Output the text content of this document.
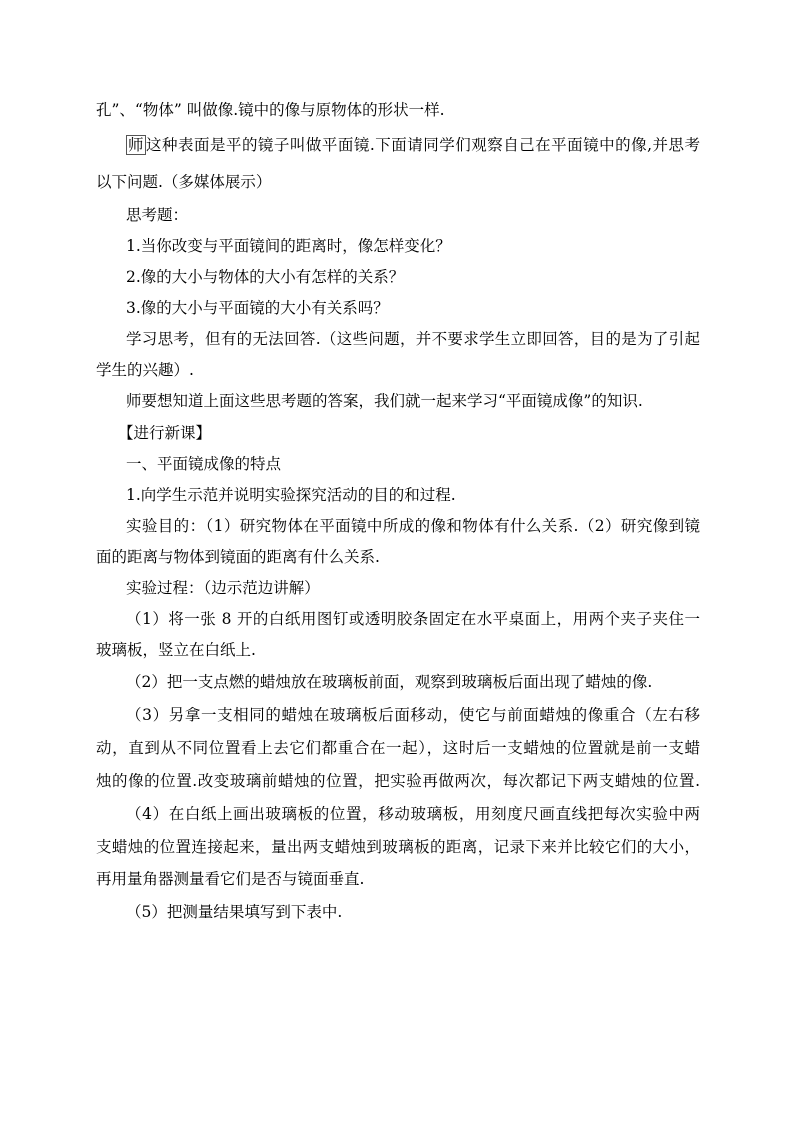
孔”、“物体” 叫做像.镜中的像与原物体的形状一样.
师 这种表面是平的镜子叫做平面镜.下面请同学们观察自己在平面镜中的像,并思考
以下问题.（多媒体展示）
思考题：
1.当你改变与平面镜间的距离时，像怎样变化？
2.像的大小与物体的大小有怎样的关系？
3.像的大小与平面镜的大小有关系吗？
学习思考，但有的无法回答.（这些问题，并不要求学生立即回答，目的是为了引起
学生的兴趣）.
师要想知道上面这些思考题的答案，我们就一起来学习“平面镜成像”的知识.
【进行新课】
一、平面镜成像的特点
1.向学生示范并说明实验探究活动的目的和过程.
实验目的：（1）研究物体在平面镜中所成的像和物体有什么关系.（2）研究像到镜
面的距离与物体到镜面的距离有什么关系.
实验过程：（边示范边讲解）
（1）将一张 8 开的白纸用图钉或透明胶条固定在水平桌面上，用两个夹子夹住一
玻璃板，竖立在白纸上.
（2）把一支点燃的蜡烛放在玻璃板前面，观察到玻璃板后面出现了蜡烛的像.
（3）另拿一支相同的蜡烛在玻璃板后面移动，使它与前面蜡烛的像重合（左右移
动，直到从不同位置看上去它们都重合在一起），这时后一支蜡烛的位置就是前一支蜡
烛的像的位置.改变玻璃前蜡烛的位置，把实验再做两次，每次都记下两支蜡烛的位置.
（4）在白纸上画出玻璃板的位置，移动玻璃板，用刻度尺画直线把每次实验中两
支蜡烛的位置连接起来，量出两支蜡烛到玻璃板的距离，记录下来并比较它们的大小，
再用量角器测量看它们是否与镜面垂直.
（5）把测量结果填写到下表中.
